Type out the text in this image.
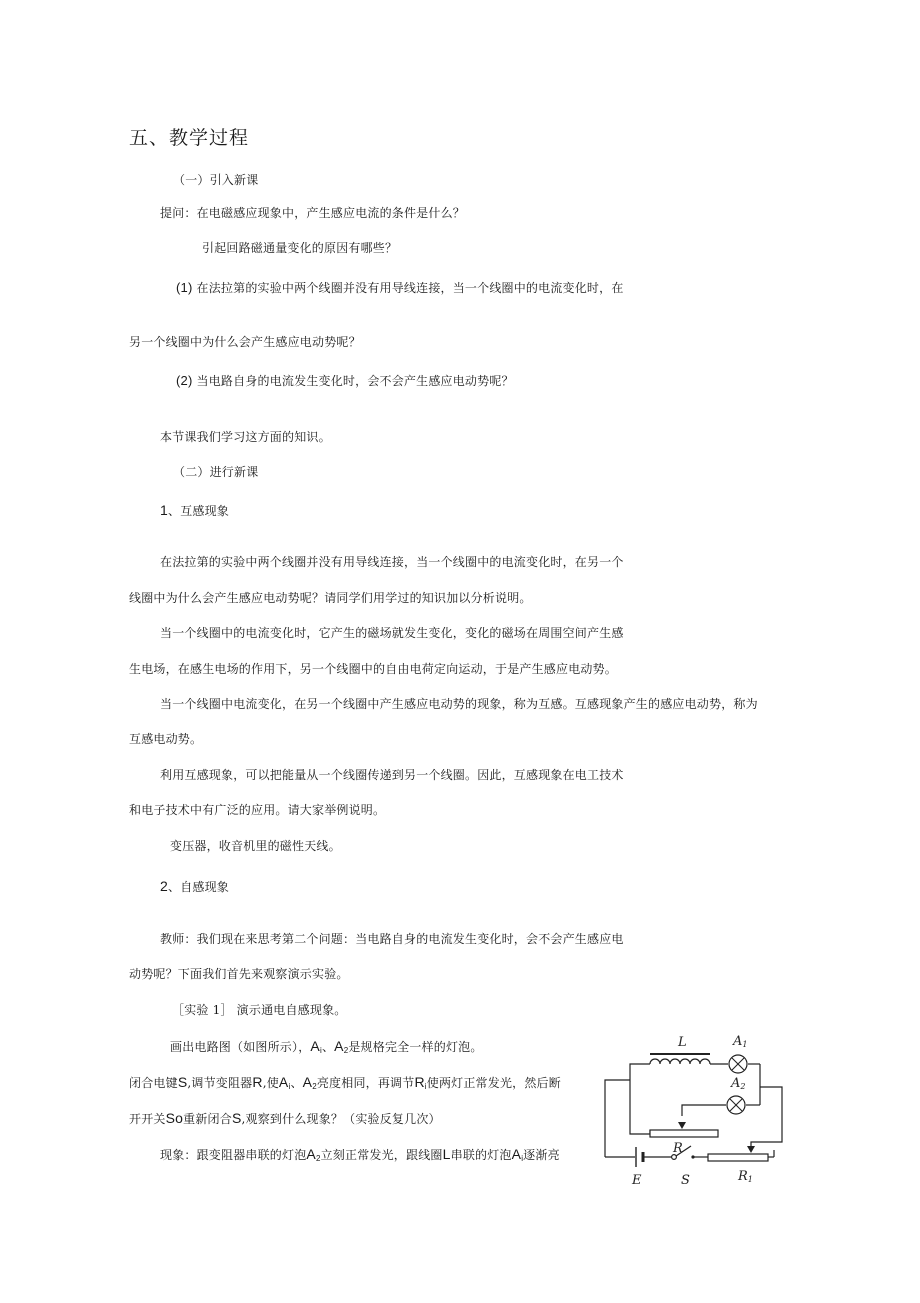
五、教学过程
（一）引入新课
提问：在电磁感应现象中，产生感应电流的条件是什么？
引起回路磁通量变化的原因有哪些？
(1) 在法拉第的实验中两个线圈并没有用导线连接，当一个线圈中的电流变化时，在
另一个线圈中为什么会产生感应电动势呢？
(2) 当电路自身的电流发生变化时，会不会产生感应电动势呢？
本节课我们学习这方面的知识。
（二）进行新课
1、互感现象
在法拉第的实验中两个线圈并没有用导线连接，当一个线圈中的电流变化时，在另一个
线圈中为什么会产生感应电动势呢？请同学们用学过的知识加以分析说明。
当一个线圈中的电流变化时，它产生的磁场就发生变化，变化的磁场在周围空间产生感
生电场，在感生电场的作用下，另一个线圈中的自由电荷定向运动，于是产生感应电动势。
当一个线圈中电流变化，在另一个线圈中产生感应电动势的现象，称为互感。互感现象产生的感应电动势，称为
互感电动势。
利用互感现象，可以把能量从一个线圈传递到另一个线圈。因此，互感现象在电工技术
和电子技术中有广泛的应用。请大家举例说明。
变压器，收音机里的磁性天线。
2、自感现象
教师：我们现在来思考第二个问题：当电路自身的电流发生变化时，会不会产生感应电
动势呢？下面我们首先来观察演示实验。
［实验 1］ 演示通电自感现象。
画出电路图（如图所示），$A_i$、$A_2$是规格完全一样的灯泡。
闭合电键S,调节变阻器R,使$A_i$、$A_2$亮度相同，再调节$R_i$使两灯正常发光，然后断
开开关So重新闭合S,观察到什么现象？（实验反复几次）
现象：跟变阻器串联的灯泡$A_2$立刻正常发光，跟线圈L串联的灯泡$A_i$逐渐亮
L	A1
A2
R
E	S	R1
